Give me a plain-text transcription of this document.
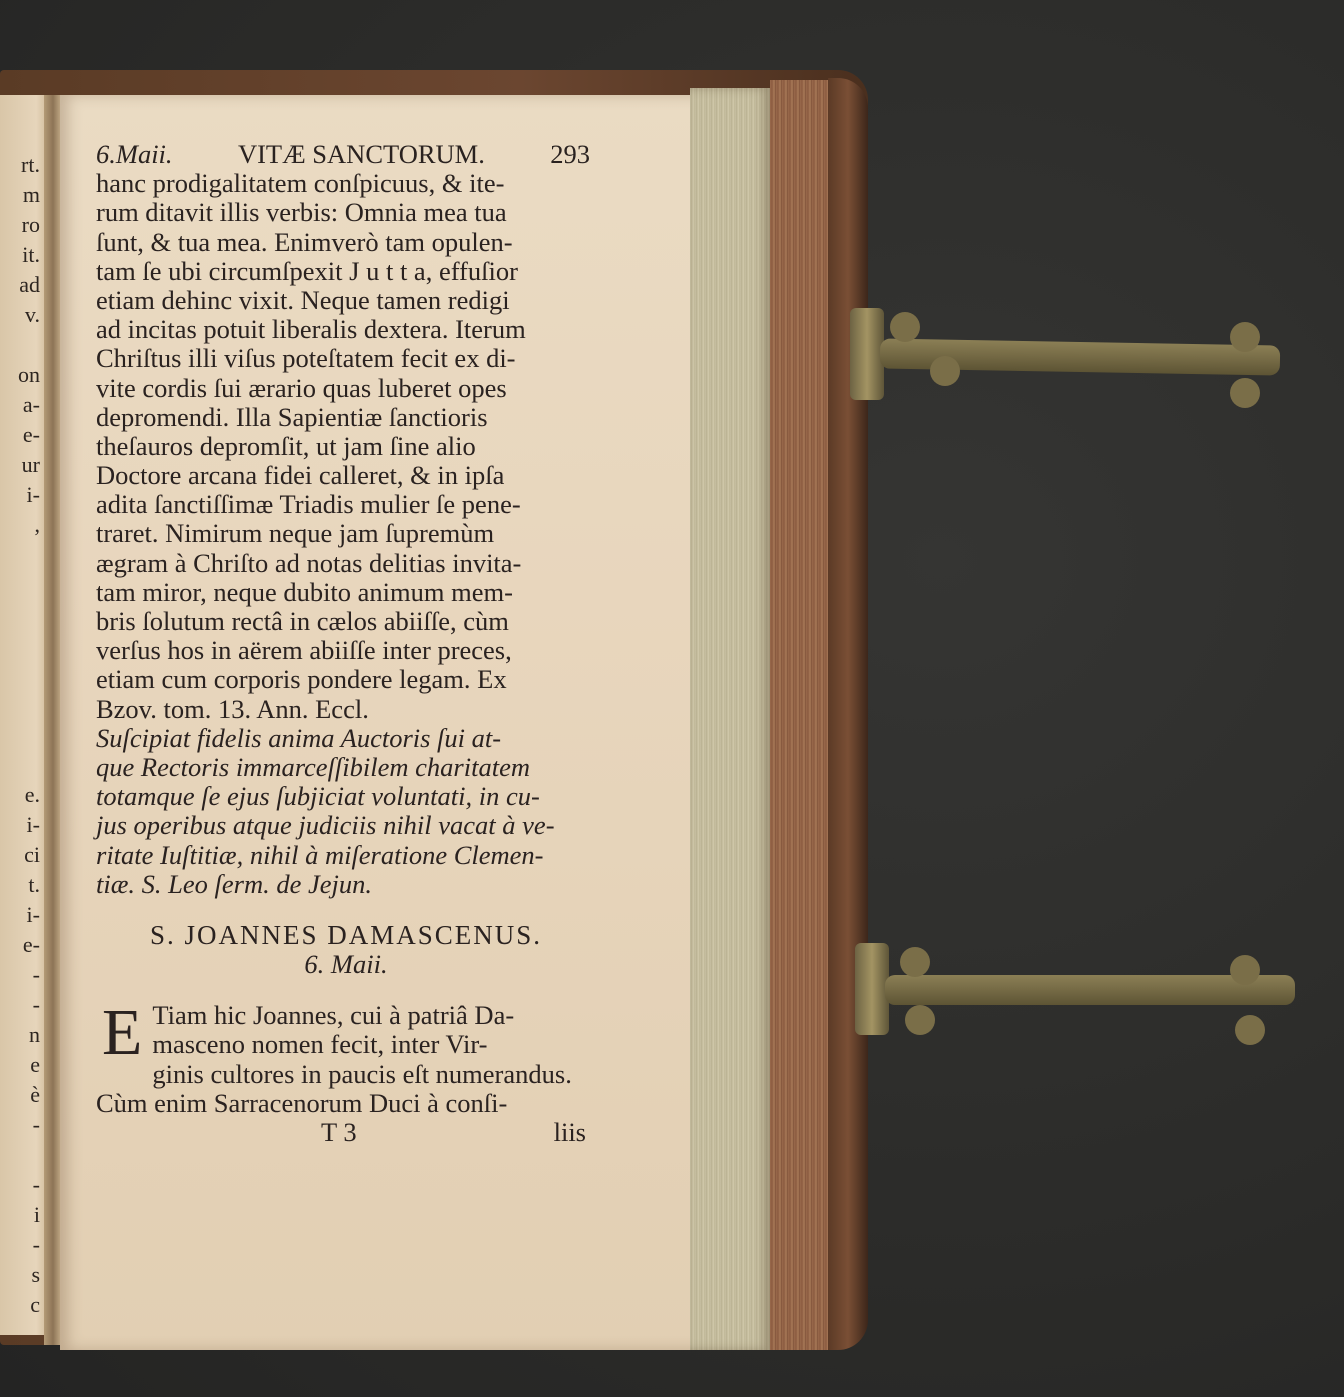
rt.
m
ro
it.
ad
v.
on
a-
e-
ur
i-
,
e.
i-
ci
t.
i-
e-
-
-
n
e
è
-
-
i
-
s
c
6.Maii. VITÆ SANCTORUM. 293
hanc prodigalitatem conſpicuus, & ite-
rum ditavit illis verbis: Omnia mea tua
ſunt, & tua mea. Enimverò tam opulen-
tam ſe ubi circumſpexit J u t t a, effuſior
etiam dehinc vixit. Neque tamen redigi
ad incitas potuit liberalis dextera. Iterum
Chriſtus illi viſus poteſtatem fecit ex di-
vite cordis ſui ærario quas luberet opes
depromendi. Illa Sapientiæ ſanctioris
theſauros depromſit, ut jam ſine alio
Doctore arcana fidei calleret, & in ipſa
adita ſanctiſſimæ Triadis mulier ſe pene-
traret. Nimirum neque jam ſupremùm
ægram à Chriſto ad notas delitias invita-
tam miror, neque dubito animum mem-
bris ſolutum rectâ in cælos abiiſſe, cùm
verſus hos in aërem abiiſſe inter preces,
etiam cum corporis pondere legam. Ex
Bzov. tom. 13. Ann. Eccl.
Suſcipiat fidelis anima Auctoris ſui at-
que Rectoris immarceſſibilem charitatem
totamque ſe ejus ſubjiciat voluntati, in cu-
jus operibus atque judiciis nihil vacat à ve-
ritate Iuſtitiæ, nihil à miſeratione Clemen-
tiæ. S. Leo ſerm. de Jejun.
S. JOANNES DAMASCENUS.
6. Maii.
E Tiam hic Joannes, cui à patriâ Da-
masceno nomen fecit, inter Vir-
ginis cultores in paucis eſt numerandus.
Cùm enim Sarracenorum Duci à conſi-
T 3	liis
